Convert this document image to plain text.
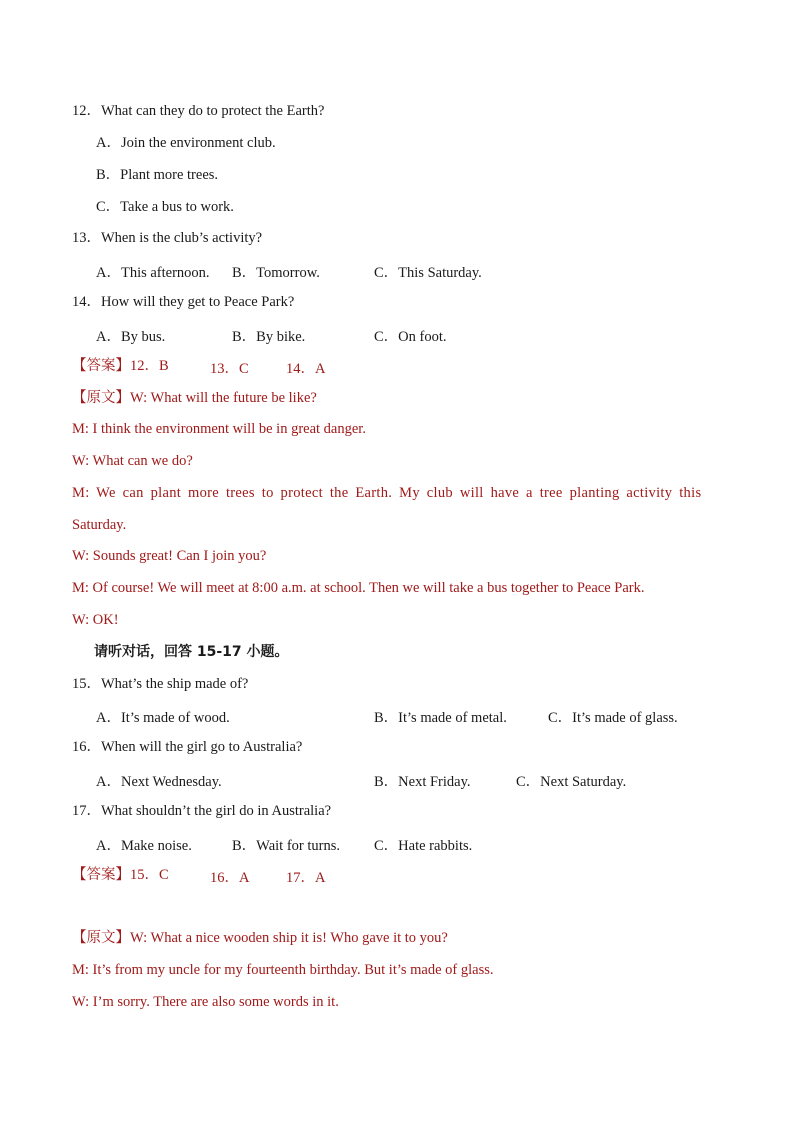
12．What can they do to protect the Earth?
A．Join the environment club.
B．Plant more trees.
C．Take a bus to work.
13．When is the club’s activity?
A．This afternoon. B．Tomorrow.	C．This Saturday.
14．How will they get to Peace Park?
A．By bus.	B．By bike.	C．On foot.
【答案】12．B	13．C	14．A
【原文】W: What will the future be like?
M: I think the environment will be in great danger.
W: What can we do?
M: We can plant more trees to protect the Earth. My club will have a tree planting activity this
Saturday.
W: Sounds great! Can I join you?
M: Of course! We will meet at 8:00 a.m. at school. Then we will take a bus together to Peace Park.
W: OK!
请听对话，回答 15-17 小题。
15．What’s the ship made of?
A．It’s made of wood.	B．It’s made of metal.	C．It’s made of glass.
16．When will the girl go to Australia?
A．Next Wednesday.	B．Next Friday.	C．Next Saturday.
17．What shouldn’t the girl do in Australia?
A．Make noise.	B．Wait for turns. C．Hate rabbits.
【答案】15．C	16．A	17．A
【原文】W: What a nice wooden ship it is! Who gave it to you?
M: It’s from my uncle for my fourteenth birthday. But it’s made of glass.
W: I’m sorry. There are also some words in it.
